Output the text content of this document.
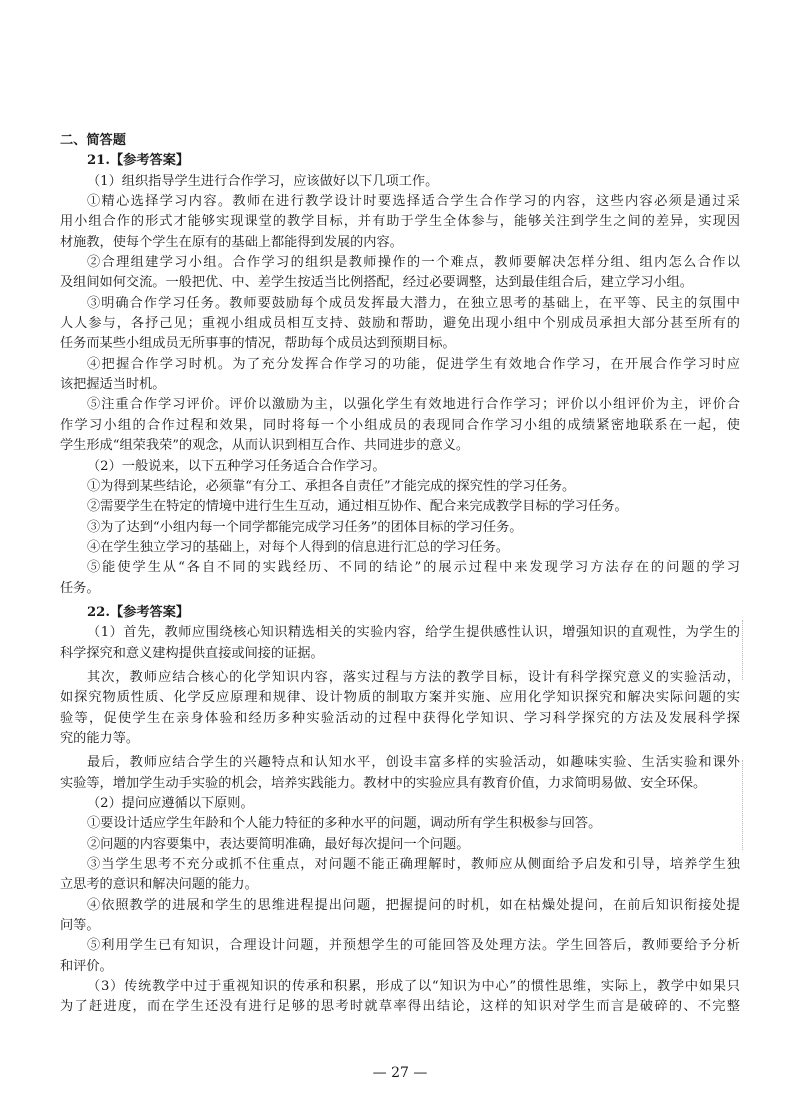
二、简答题

21.【参考答案】

（1）组织指导学生进行合作学习，应该做好以下几项工作。

①精心选择学习内容。教师在进行教学设计时要选择适合学生合作学习的内容，这些内容必须是通过采

用小组合作的形式才能够实现课堂的教学目标，并有助于学生全体参与，能够关注到学生之间的差异，实现因

材施教，使每个学生在原有的基础上都能得到发展的内容。

②合理组建学习小组。合作学习的组织是教师操作的一个难点，教师要解决怎样分组、组内怎么合作以

及组间如何交流。一般把优、中、差学生按适当比例搭配，经过必要调整，达到最佳组合后，建立学习小组。

③明确合作学习任务。教师要鼓励每个成员发挥最大潜力，在独立思考的基础上，在平等、民主的氛围中

人人参与，各抒己见；重视小组成员相互支持、鼓励和帮助，避免出现小组中个别成员承担大部分甚至所有的

任务而某些小组成员无所事事的情况，帮助每个成员达到预期目标。

④把握合作学习时机。为了充分发挥合作学习的功能，促进学生有效地合作学习，在开展合作学习时应

该把握适当时机。

⑤注重合作学习评价。评价以激励为主，以强化学生有效地进行合作学习；评价以小组评价为主，评价合

作学习小组的合作过程和效果，同时将每一个小组成员的表现同合作学习小组的成绩紧密地联系在一起，使

学生形成“组荣我荣”的观念，从而认识到相互合作、共同进步的意义。

（2）一般说来，以下五种学习任务适合合作学习。

①为得到某些结论，必须靠“有分工、承担各自责任”才能完成的探究性的学习任务。

②需要学生在特定的情境中进行生生互动，通过相互协作、配合来完成教学目标的学习任务。

③为了达到“小组内每一个同学都能完成学习任务”的团体目标的学习任务。

④在学生独立学习的基础上，对每个人得到的信息进行汇总的学习任务。

⑤能使学生从“各自不同的实践经历、不同的结论”的展示过程中来发现学习方法存在的问题的学习

任务。

22.【参考答案】

（1）首先，教师应围绕核心知识精选相关的实验内容，给学生提供感性认识，增强知识的直观性，为学生的

科学探究和意义建构提供直接或间接的证据。

其次，教师应结合核心的化学知识内容，落实过程与方法的教学目标，设计有科学探究意义的实验活动，

如探究物质性质、化学反应原理和规律、设计物质的制取方案并实施、应用化学知识探究和解决实际问题的实

验等，促使学生在亲身体验和经历多种实验活动的过程中获得化学知识、学习科学探究的方法及发展科学探

究的能力等。

最后，教师应结合学生的兴趣特点和认知水平，创设丰富多样的实验活动，如趣味实验、生活实验和课外

实验等，增加学生动手实验的机会，培养实践能力。教材中的实验应具有教育价值，力求简明易做、安全环保。

（2）提问应遵循以下原则。

①要设计适应学生年龄和个人能力特征的多种水平的问题，调动所有学生积极参与回答。

②问题的内容要集中，表达要简明准确，最好每次提问一个问题。

③当学生思考不充分或抓不住重点，对问题不能正确理解时，教师应从侧面给予启发和引导，培养学生独

立思考的意识和解决问题的能力。

④依照教学的进展和学生的思维进程提出问题，把握提问的时机，如在枯燥处提问，在前后知识衔接处提

问等。

⑤利用学生已有知识，合理设计问题，并预想学生的可能回答及处理方法。学生回答后，教师要给予分析

和评价。

（3）传统教学中过于重视知识的传承和积累，形成了以“知识为中心”的惯性思维，实际上，教学中如果只

为了赶进度，而在学生还没有进行足够的思考时就草率得出结论，这样的知识对学生而言是破碎的、不完整

— 27 —
